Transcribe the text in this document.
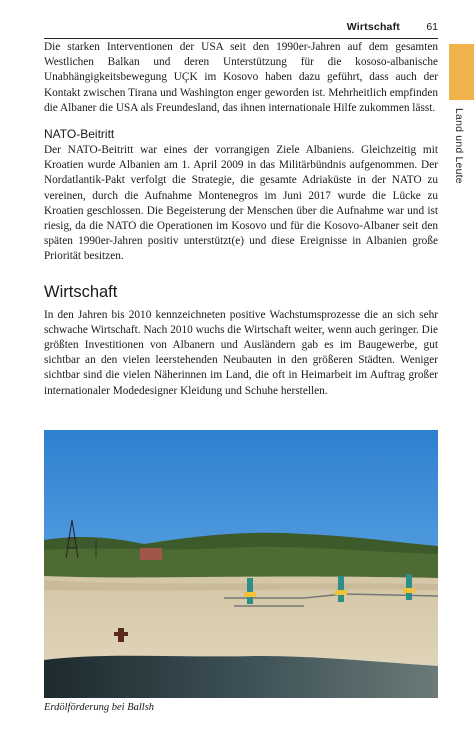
Wirtschaft	61
Land und Leute

Die starken Interventionen der USA seit den 1990er-Jahren auf dem gesamten Westlichen Balkan und deren Unterstützung für die kososo-albanische Unabhängigkeitsbewegung UÇK im Kosovo haben dazu geführt, dass auch der Kontakt zwischen Tirana und Washington enger geworden ist. Mehrheitlich empfinden die Albaner die USA als Freundesland, das ihnen internationale Hilfe zukommen lässt.

NATO-Beitritt

Der NATO-Beitritt war eines der vorrangigen Ziele Albaniens. Gleichzeitig mit Kroatien wurde Albanien am 1. April 2009 in das Militärbündnis aufgenommen. Der Nordatlantik-Pakt verfolgt die Strategie, die gesamte Adriaküste in der NATO zu vereinen, durch die Aufnahme Montenegros im Juni 2017 wurde die Lücke zu Kroatien geschlossen. Die Begeisterung der Menschen über die Aufnahme war und ist riesig, da die NATO die Operationen im Kosovo und für die Kosovo-Albaner seit den späten 1990er-Jahren positiv unterstützt(e) und diese Ereignisse in Albanien große Priorität besitzen.

Wirtschaft

In den Jahren bis 2010 kennzeichneten positive Wachstumsprozesse die an sich sehr schwache Wirtschaft. Nach 2010 wuchs die Wirtschaft weiter, wenn auch geringer. Die größten Investitionen von Albanern und Ausländern gab es im Baugewerbe, gut sichtbar an den vielen leerstehenden Neubauten in den größeren Städten. Weniger sichtbar sind die vielen Näherinnen im Land, die oft in Heimarbeit im Auftrag großer internationaler Modedesigner Kleidung und Schuhe herstellen.

Erdölförderung bei Ballsh
